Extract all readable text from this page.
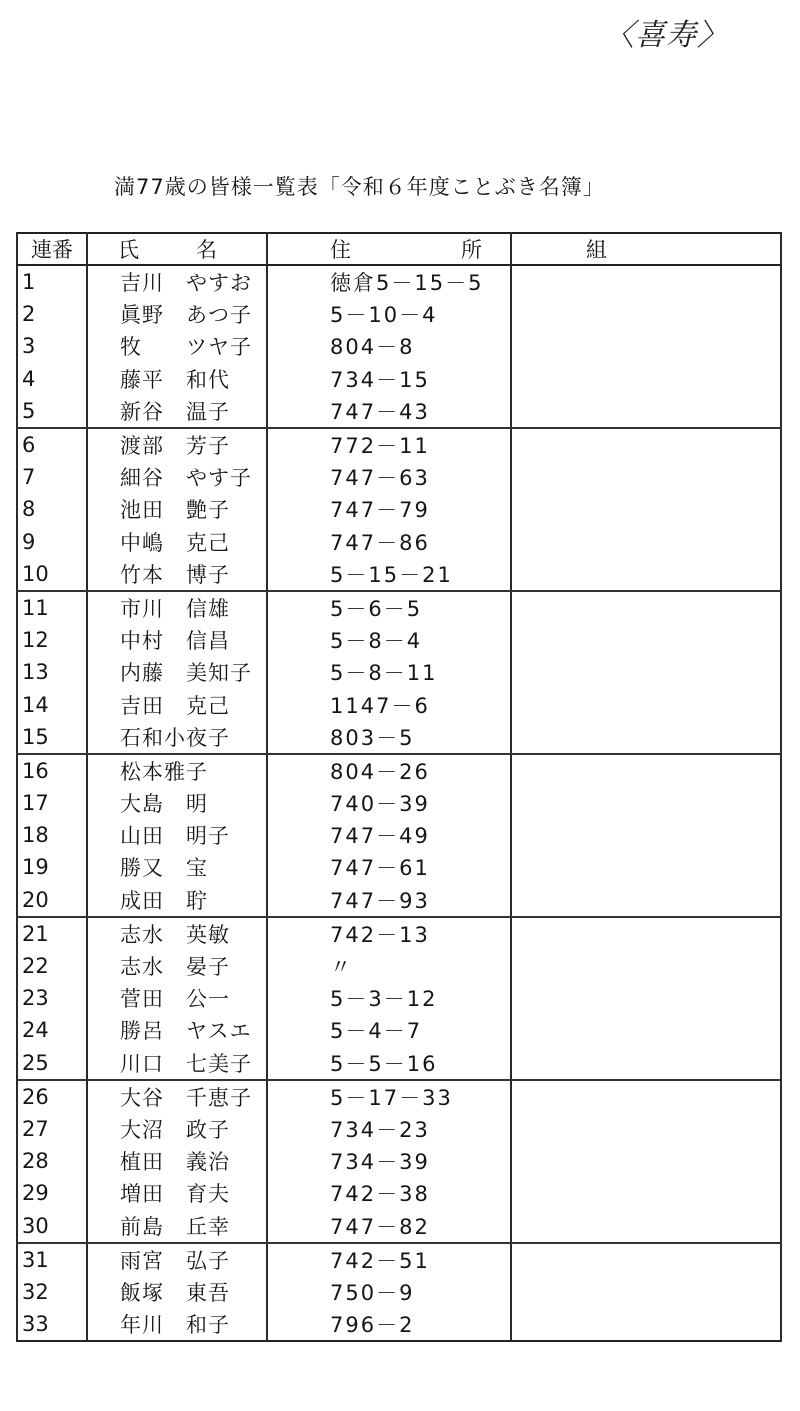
〈喜寿〉
満77歳の皆様一覧表「令和６年度ことぶき名簿」
連番	氏 名	住 所	組
1	吉川　やすお	徳倉5－15－5	
2	眞野　あつ子	5－10－4	
3	牧　　ツヤ子	804－8	
4	藤平　和代	734－15	
5	新谷　温子	747－43	
6	渡部　芳子	772－11	
7	細谷　やす子	747－63	
8	池田　艶子	747－79	
9	中嶋　克己	747－86	
10	竹本　博子	5－15－21	
11	市川　信雄	5－6－5	
12	中村　信昌	5－8－4	
13	内藤　美知子	5－8－11	
14	吉田　克己	1147－6	
15	石和小夜子	803－5	
16	松本雅子	804－26	
17	大島　明	740－39	
18	山田　明子	747－49	
19	勝又　宝	747－61	
20	成田　聍	747－93	
21	志水　英敏	742－13	
22	志水　晏子	〃	
23	菅田　公一	5－3－12	
24	勝呂　ヤスエ	5－4－7	
25	川口　七美子	5－5－16	
26	大谷　千恵子	5－17－33	
27	大沼　政子	734－23	
28	植田　義治	734－39	
29	増田　育夫	742－38	
30	前島　丘幸	747－82	
31	雨宮　弘子	742－51	
32	飯塚　東吾	750－9	
33	年川　和子	796－2	
